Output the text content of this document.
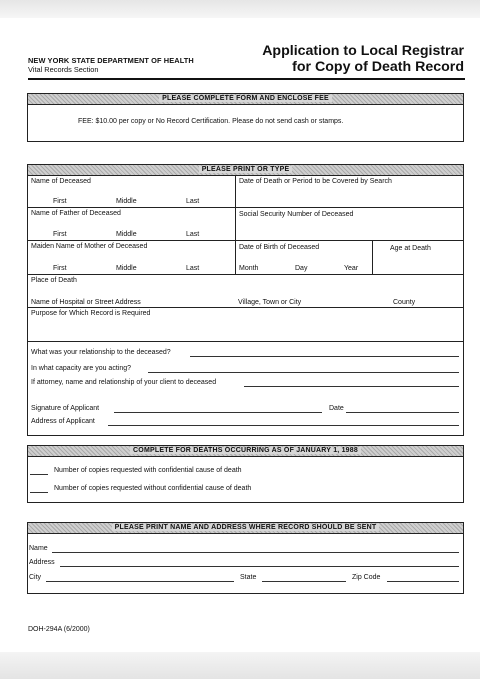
NEW YORK STATE DEPARTMENT OF HEALTH
Vital Records Section
Application to Local Registrar
for Copy of Death Record
PLEASE COMPLETE FORM AND ENCLOSE FEE
FEE: $10.00 per copy or No Record Certification. Please do not send cash or stamps.
PLEASE PRINT OR TYPE
Name of Deceased
First	Middle	Last
Date of Death or Period to be Covered by Search
Name of Father of Deceased
First	Middle	Last
Social Security Number of Deceased
Maiden Name of Mother of Deceased
First	Middle	Last
Date of Birth of Deceased
Month	Day	Year
Age at Death
Place of Death
Name of Hospital or Street Address	Village, Town or City	County
Purpose for Which Record is Required
What was your relationship to the deceased?
In what capacity are you acting?
If attorney, name and relationship of your client to deceased
Signature of Applicant	Date
Address of Applicant
COMPLETE FOR DEATHS OCCURRING AS OF JANUARY 1, 1988
Number of copies requested with confidential cause of death
Number of copies requested without confidential cause of death
PLEASE PRINT NAME AND ADDRESS WHERE RECORD SHOULD BE SENT
Name
Address
City	State	Zip Code
DOH-294A (6/2000)
